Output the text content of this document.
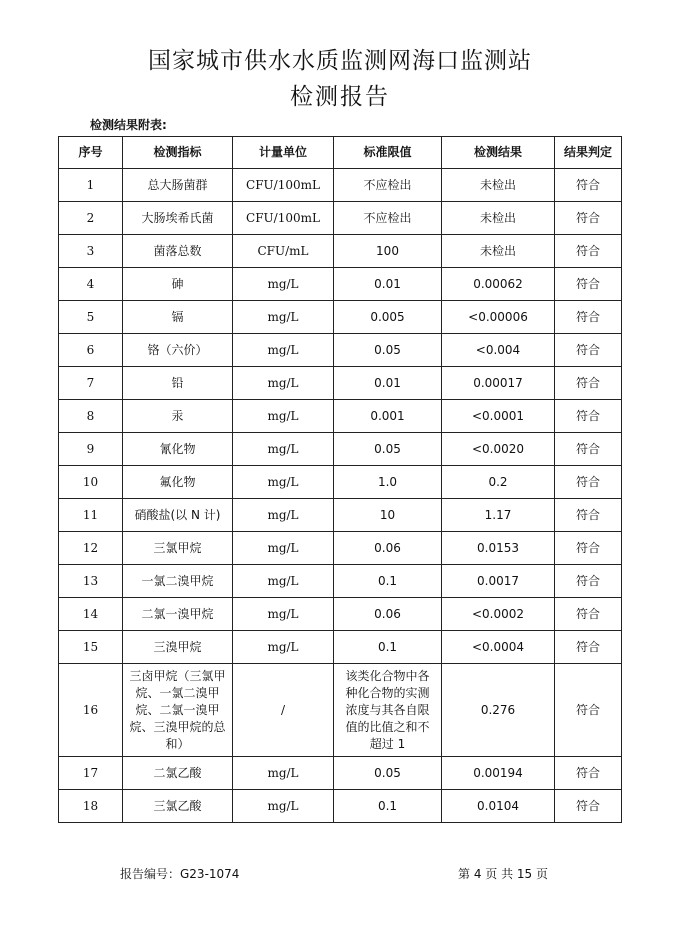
国家城市供水水质监测网海口监测站
检测报告
检测结果附表:
序号	检测指标	计量单位	标准限值	检测结果	结果判定
1	总大肠菌群	CFU/100mL	不应检出	未检出	符合
2	大肠埃希氏菌	CFU/100mL	不应检出	未检出	符合
3	菌落总数	CFU/mL	100	未检出	符合
4	砷	mg/L	0.01	0.00062	符合
5	镉	mg/L	0.005	<0.00006	符合
6	铬（六价）	mg/L	0.05	<0.004	符合
7	铅	mg/L	0.01	0.00017	符合
8	汞	mg/L	0.001	<0.0001	符合
9	氰化物	mg/L	0.05	<0.0020	符合
10	氟化物	mg/L	1.0	0.2	符合
11	硝酸盐(以 N 计)	mg/L	10	1.17	符合
12	三氯甲烷	mg/L	0.06	0.0153	符合
13	一氯二溴甲烷	mg/L	0.1	0.0017	符合
14	二氯一溴甲烷	mg/L	0.06	<0.0002	符合
15	三溴甲烷	mg/L	0.1	<0.0004	符合
16	三卤甲烷（三氯甲烷、一氯二溴甲烷、二氯一溴甲烷、三溴甲烷的总和）	/	该类化合物中各种化合物的实测浓度与其各自限值的比值之和不超过 1	0.276	符合
17	二氯乙酸	mg/L	0.05	0.00194	符合
18	三氯乙酸	mg/L	0.1	0.0104	符合
报告编号：G23-1074	第 4 页 共 15 页
